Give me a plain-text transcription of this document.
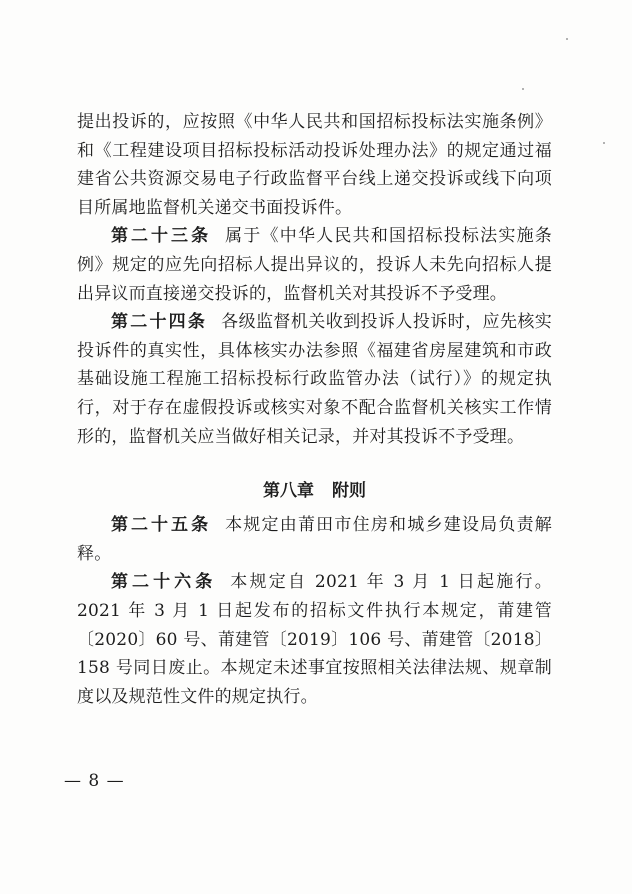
提出投诉的，应按照《中华人民共和国招标投标法实施条例》和《工程建设项目招标投标活动投诉处理办法》的规定通过福建省公共资源交易电子行政监督平台线上递交投诉或线下向项目所属地监督机关递交书面投诉件。

第二十三条 属于《中华人民共和国招标投标法实施条例》规定的应先向招标人提出异议的，投诉人未先向招标人提出异议而直接递交投诉的，监督机关对其投诉不予受理。

第二十四条 各级监督机关收到投诉人投诉时，应先核实投诉件的真实性，具体核实办法参照《福建省房屋建筑和市政基础设施工程施工招标投标行政监管办法（试行）》的规定执行，对于存在虚假投诉或核实对象不配合监督机关核实工作情形的，监督机关应当做好相关记录，并对其投诉不予受理。

第八章 附则

第二十五条 本规定由莆田市住房和城乡建设局负责解释。

第二十六条 本规定自 2021 年 3 月 1 日起施行。2021 年 3 月 1 日起发布的招标文件执行本规定，莆建管〔2020〕60 号、莆建管〔2019〕106 号、莆建管〔2018〕158 号同日废止。本规定未述事宜按照相关法律法规、规章制度以及规范性文件的规定执行。

— 8 —
